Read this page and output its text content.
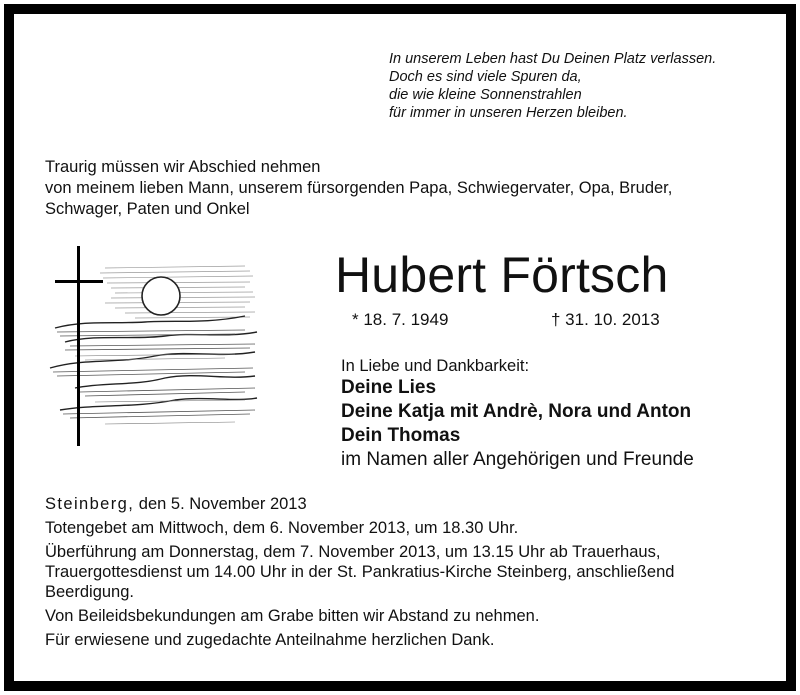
In unserem Leben hast Du Deinen Platz verlassen.
Doch es sind viele Spuren da,
die wie kleine Sonnenstrahlen
für immer in unseren Herzen bleiben.
Traurig müssen wir Abschied nehmen
von meinem lieben Mann, unserem fürsorgenden Papa, Schwiegervater, Opa, Bruder,
Schwager, Paten und Onkel
Hubert Förtsch
* 18. 7. 1949	† 31. 10. 2013
In Liebe und Dankbarkeit:
Deine Lies
Deine Katja mit Andrè, Nora und Anton
Dein Thomas
im Namen aller Angehörigen und Freunde
Steinberg, den 5. November 2013
Totengebet am Mittwoch, dem 6. November 2013, um 18.30 Uhr.
Überführung am Donnerstag, dem 7. November 2013, um 13.15 Uhr ab Trauerhaus,
Trauergottesdienst um 14.00 Uhr in der St. Pankratius-Kirche Steinberg, anschließend
Beerdigung.
Von Beileidsbekundungen am Grabe bitten wir Abstand zu nehmen.
Für erwiesene und zugedachte Anteilnahme herzlichen Dank.
